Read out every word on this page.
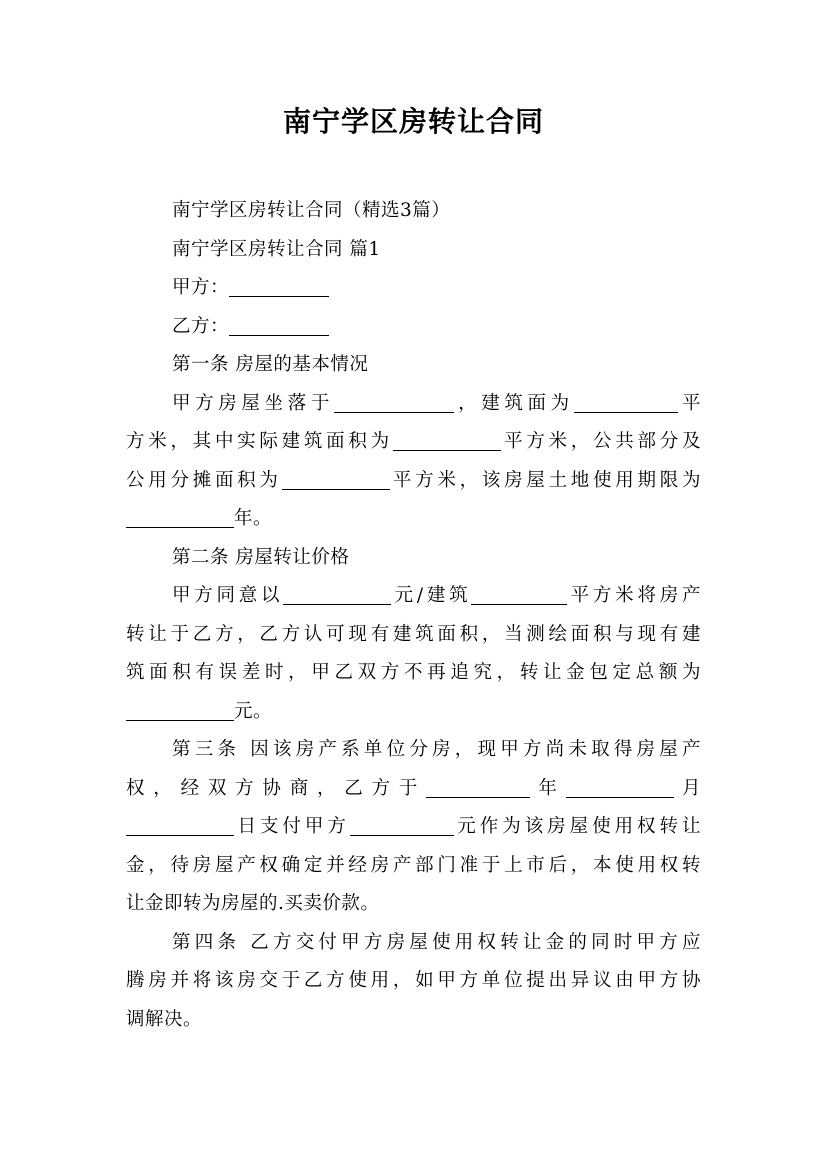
南宁学区房转让合同
南宁学区房转让合同（精选3篇）
南宁学区房转让合同 篇1
甲方：
乙方：
第一条 房屋的基本情况
甲方房屋坐落于	，建筑面为	平
方米，其中实际建筑面积为	平方米，公共部分及
公用分摊面积为	平方米，该房屋土地使用期限为
年。
第二条 房屋转让价格
甲方同意以	元/建筑	平方米将房产
转让于乙方，乙方认可现有建筑面积，当测绘面积与现有建
筑面积有误差时，甲乙双方不再追究，转让金包定总额为
元。
第三条 因该房产系单位分房，现甲方尚未取得房屋产
权，经双方协商，乙方于	年	月
日支付甲方	元作为该房屋使用权转让
金，待房屋产权确定并经房产部门准于上市后，本使用权转
让金即转为房屋的.买卖价款。
第四条 乙方交付甲方房屋使用权转让金的同时甲方应
腾房并将该房交于乙方使用，如甲方单位提出异议由甲方协
调解决。
